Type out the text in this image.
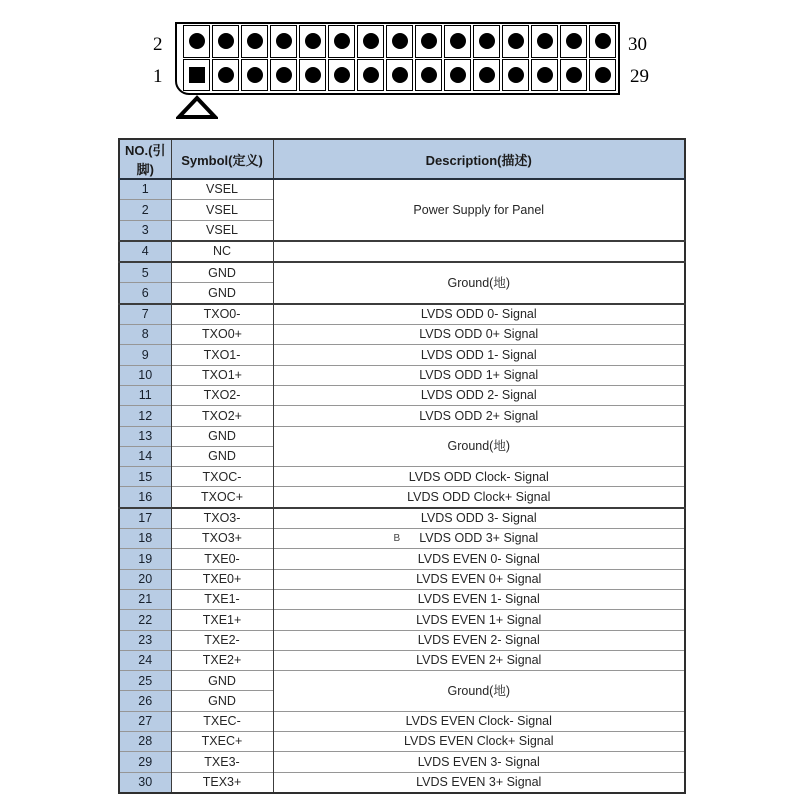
2
1
30
29
NO.(引脚)	Symbol(定义)	Description(描述)
1	VSEL	Power Supply for Panel
2	VSEL	
3	VSEL	
4	NC	
5	GND	Ground(地)
6	GND	
7	TXO0-	LVDS ODD 0- Signal
8	TXO0+	LVDS ODD 0+ Signal
9	TXO1-	LVDS ODD 1- Signal
10	TXO1+	LVDS ODD 1+ Signal
11	TXO2-	LVDS ODD 2- Signal
12	TXO2+	LVDS ODD 2+ Signal
13	GND	Ground(地)
14	GND	
15	TXOC-	LVDS ODD Clock- Signal
16	TXOC+	LVDS ODD Clock+ Signal
17	TXO3-	LVDS ODD 3- Signal
18	TXO3+	LVDS ODD 3+ Signal
B

19	TXE0-	LVDS EVEN 0- Signal
20	TXE0+	LVDS EVEN 0+ Signal
21	TXE1-	LVDS EVEN 1- Signal
22	TXE1+	LVDS EVEN 1+ Signal
23	TXE2-	LVDS EVEN 2- Signal
24	TXE2+	LVDS EVEN 2+ Signal
25	GND	Ground(地)
26	GND	
27	TXEC-	LVDS EVEN Clock- Signal
28	TXEC+	LVDS EVEN Clock+ Signal
29	TXE3-	LVDS EVEN 3- Signal
30	TEX3+	LVDS EVEN 3+ Signal
